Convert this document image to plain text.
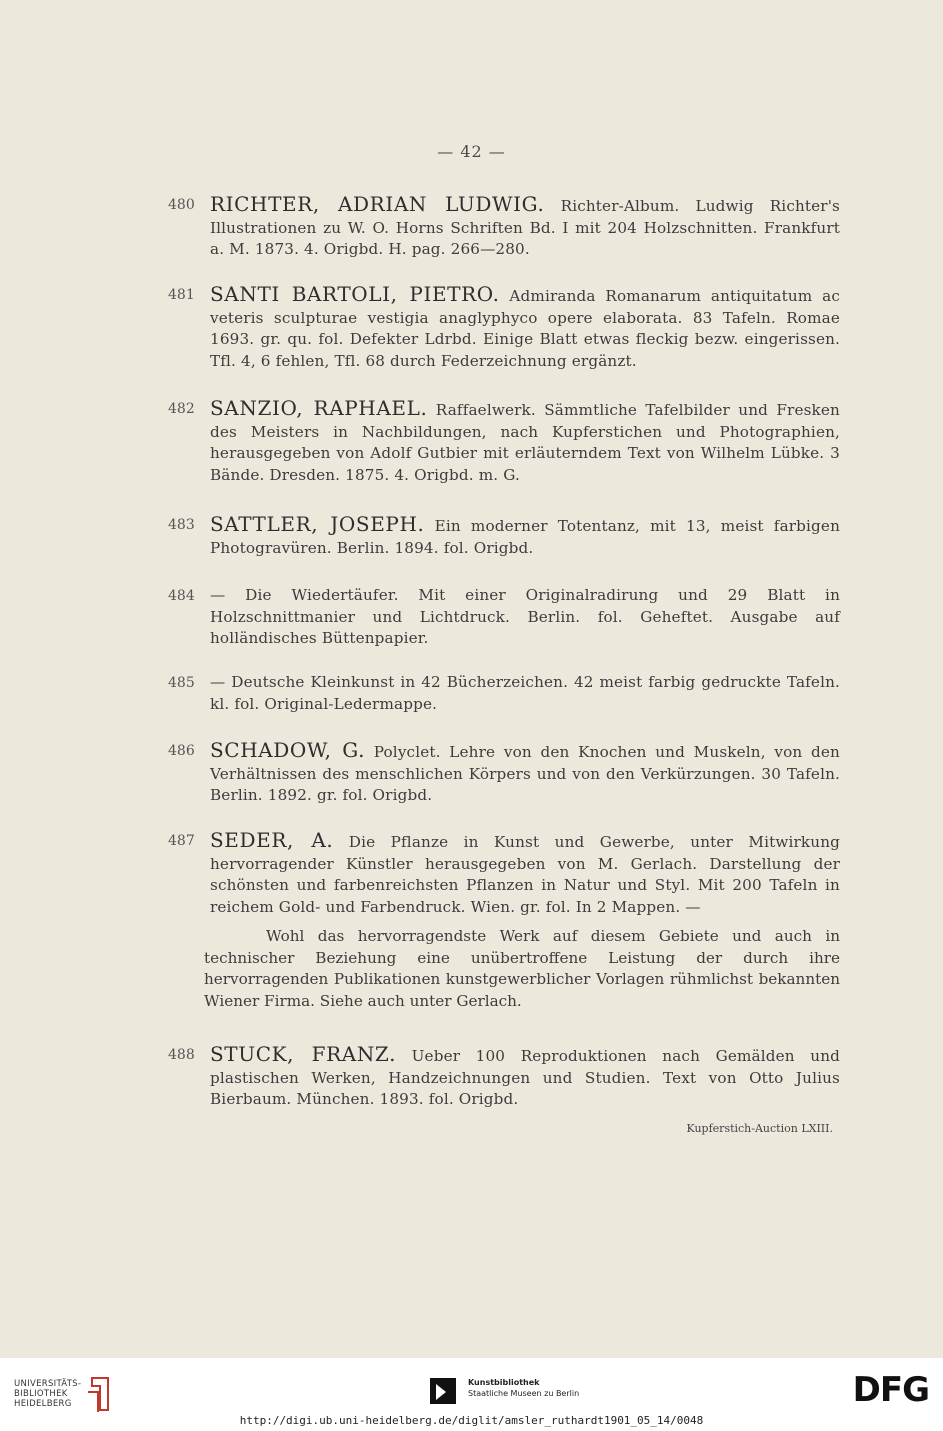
— 42 —
480 RICHTER, ADRIAN LUDWIG. Richter-Album. Ludwig Richter's Illustrationen zu W. O. Horns Schriften Bd. I mit 204 Holzschnitten. Frankfurt a. M. 1873. 4. Origbd. H. pag. 266—280.
481 SANTI BARTOLI, PIETRO. Admiranda Romanarum antiquitatum ac veteris sculpturae vestigia anaglyphyco opere elaborata. 83 Tafeln. Romae 1693. gr. qu. fol. Defekter Ldrbd. Einige Blatt etwas fleckig bezw. eingerissen. Tfl. 4, 6 fehlen, Tfl. 68 durch Federzeichnung ergänzt.
482 SANZIO, RAPHAEL. Raffaelwerk. Sämmtliche Tafelbilder und Fresken des Meisters in Nachbildungen, nach Kupferstichen und Photographien, herausgegeben von Adolf Gutbier mit erläuterndem Text von Wilhelm Lübke. 3 Bände. Dresden. 1875. 4. Origbd. m. G.
483 SATTLER, JOSEPH. Ein moderner Totentanz, mit 13, meist farbigen Photogravüren. Berlin. 1894. fol. Origbd.
484 — Die Wiedertäufer. Mit einer Originalradirung und 29 Blatt in Holzschnittmanier und Lichtdruck. Berlin. fol. Geheftet. Ausgabe auf holländisches Büttenpapier.
485 — Deutsche Kleinkunst in 42 Bücherzeichen. 42 meist farbig gedruckte Tafeln. kl. fol. Original-Ledermappe.
486 SCHADOW, G. Polyclet. Lehre von den Knochen und Muskeln, von den Verhältnissen des menschlichen Körpers und von den Verkürzungen. 30 Tafeln. Berlin. 1892. gr. fol. Origbd.
487 SEDER, A. Die Pflanze in Kunst und Gewerbe, unter Mitwirkung hervorragender Künstler herausgegeben von M. Gerlach. Darstellung der schönsten und farbenreichsten Pflanzen in Natur und Styl. Mit 200 Tafeln in reichem Gold- und Farbendruck. Wien. gr. fol. In 2 Mappen. —
Wohl das hervorragendste Werk auf diesem Gebiete und auch in technischer Beziehung eine unübertroffene Leistung der durch ihre hervorragenden Publikationen kunstgewerblicher Vorlagen rühmlichst bekannten Wiener Firma. Siehe auch unter Gerlach.
488 STUCK, FRANZ. Ueber 100 Reproduktionen nach Gemälden und plastischen Werken, Handzeichnungen und Studien. Text von Otto Julius Bierbaum. München. 1893. fol. Origbd.
Kupferstich-Auction LXIII.
UNIVERSITÄTS-
BIBLIOTHEK
HEIDELBERG
Kunstbibliothek
Staatliche Museen zu Berlin	DFG
http://digi.ub.uni-heidelberg.de/diglit/amsler_ruthardt1901_05_14/0048
